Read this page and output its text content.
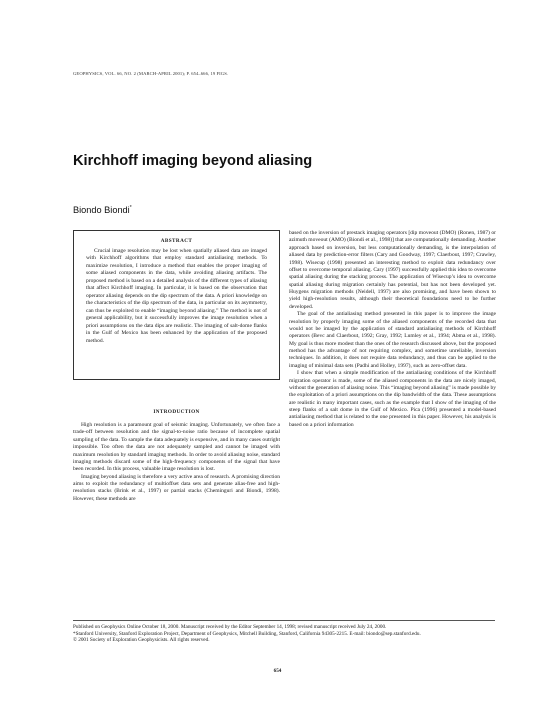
GEOPHYSICS, VOL. 66, NO. 2 (MARCH-APRIL 2001); P. 654–666, 19 FIGS.
Kirchhoff imaging beyond aliasing
Biondo Biondi*
ABSTRACT

Crucial image resolution may be lost when spatially aliased data are imaged with Kirchhoff algorithms that employ standard antialiasing methods. To maximize resolution, I introduce a method that enables the proper imaging of some aliased components in the data, while avoiding aliasing artifacts. The proposed method is based on a detailed analysis of the different types of aliasing that affect Kirchhoff imaging. In particular, it is based on the observation that operator aliasing depends on the dip spectrum of the data. A priori knowledge on the characteristics of the dip spectrum of the data, in particular on its asymmetry, can thus be exploited to enable “imaging beyond aliasing.” The method is not of general applicability, but it successfully improves the image resolution when a priori assumptions on the data dips are realistic. The imaging of salt-dome flanks in the Gulf of Mexico has been enhanced by the application of the proposed method.

INTRODUCTION

High resolution is a paramount goal of seismic imaging. Unfortunately, we often face a trade-off between resolution and the signal-to-noise ratio because of incomplete spatial sampling of the data. To sample the data adequately is expensive, and in many cases outright impossible. Too often the data are not adequately sampled and cannot be imaged with maximum resolution by standard imaging methods. In order to avoid aliasing noise, standard imaging methods discard some of the high-frequency components of the signal that have been recorded. In this process, valuable image resolution is lost.

Imaging beyond aliasing is therefore a very active area of research. A promising direction aims to exploit the redundancy of multioffset data sets and generate alias-free and high-resolution stacks (Brink et al., 1997) or partial stacks (Cheminguri and Biondi, 1998). However, these methods are

based on the inversion of prestack imaging operators [dip moveout (DMO) (Ronen, 1987) or azimuth moveout (AMO) (Biondi et al., 1998)] that are computationally demanding. Another approach based on inversion, but less computationally demanding, is the interpolation of aliased data by prediction-error filters (Cary and Goodway, 1997; Claerbout, 1997; Crawley, 1998). Wisecup (1998) presented an interesting method to exploit data redundancy over offset to overcome temporal aliasing. Cary (1997) successfully applied this idea to overcome spatial aliasing during the stacking process. The application of Wisecup’s idea to overcome spatial aliasing during migration certainly has potential, but has not been developed yet. Huygens migration methods (Neidell, 1997) are also promising, and have been shown to yield high-resolution results, although their theoretical foundations need to be further developed.

The goal of the antialiasing method presented in this paper is to improve the image resolution by properly imaging some of the aliased components of the recorded data that would not be imaged by the application of standard antialiasing methods of Kirchhoff operators (Bevc and Claerbout, 1992; Gray, 1992; Lumley et al., 1994; Abma et al., 1998). My goal is thus more modest than the ones of the research discussed above, but the proposed method has the advantage of not requiring complex, and sometime unreliable, inversion techniques. In addition, it does not require data redundancy, and thus can be applied to the imaging of minimal data sets (Padhi and Holley, 1997), such as zero-offset data.

I show that when a simple modification of the antialiasing conditions of the Kirchhoff migration operator is made, some of the aliased components in the data are nicely imaged, without the generation of aliasing noise. This “imaging beyond aliasing” is made possible by the exploitation of a priori assumptions on the dip bandwidth of the data. These assumptions are realistic in many important cases, such as the example that I show of the imaging of the steep flanks of a salt dome in the Gulf of Mexico. Pica (1996) presented a model-based antialiasing method that is related to the one presented in this paper. However, his analysis is based on a priori information

Published on Geophysics Online October 18, 2000. Manuscript received by the Editor September 14, 1998; revised manuscript received July 24, 2000.

*Stanford University, Stanford Exploration Project, Department of Geophysics, Mitchell Building, Stanford, California 94305-2215. E-mail: biondo@sep.stanford.edu.

© 2001 Society of Exploration Geophysicists. All rights reserved.

654
